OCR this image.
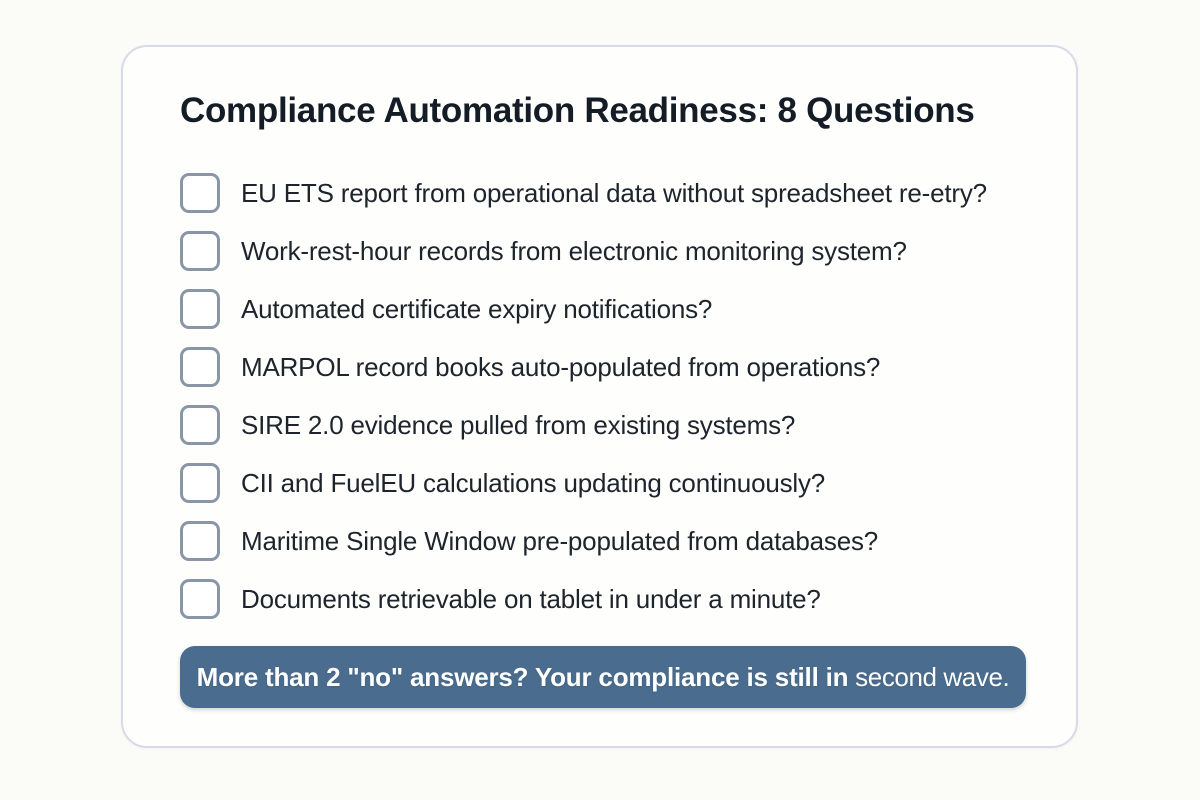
Compliance Automation Readiness: 8 Questions
EU ETS report from operational data without spreadsheet re-etry?
Work-rest-hour records from electronic monitoring system?
Automated certificate expiry notifications?
MARPOL record books auto-populated from operations?
SIRE 2.0 evidence pulled from existing systems?
CII and FuelEU calculations updating continuously?
Maritime Single Window pre-populated from databases?
Documents retrievable on tablet in under a minute?
More than 2 "no" answers? Your compliance is still in second wave.
